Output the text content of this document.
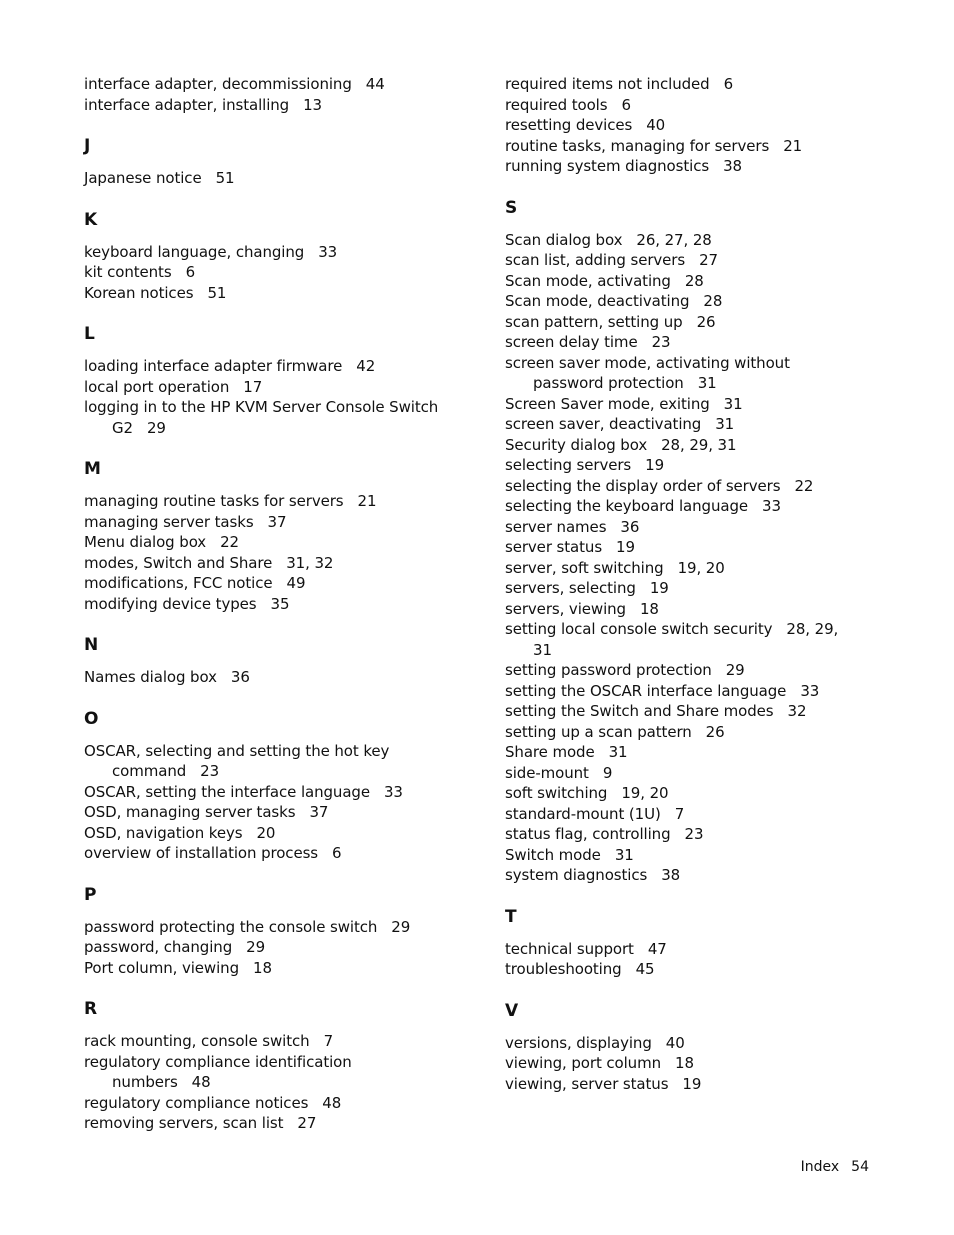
interface adapter, decommissioning 44
interface adapter, installing 13
J
Japanese notice 51
K
keyboard language, changing 33
kit contents 6
Korean notices 51
L
loading interface adapter firmware 42
local port operation 17
logging in to the HP KVM Server Console Switch G2 29
M
managing routine tasks for servers 21
managing server tasks 37
Menu dialog box 22
modes, Switch and Share 31, 32
modifications, FCC notice 49
modifying device types 35
N
Names dialog box 36
O
OSCAR, selecting and setting the hot key command 23
OSCAR, setting the interface language 33
OSD, managing server tasks 37
OSD, navigation keys 20
overview of installation process 6
P
password protecting the console switch 29
password, changing 29
Port column, viewing 18
R
rack mounting, console switch 7
regulatory compliance identification numbers 48
regulatory compliance notices 48
removing servers, scan list 27
required items not included 6
required tools 6
resetting devices 40
routine tasks, managing for servers 21
running system diagnostics 38
S
Scan dialog box 26, 27, 28
scan list, adding servers 27
Scan mode, activating 28
Scan mode, deactivating 28
scan pattern, setting up 26
screen delay time 23
screen saver mode, activating without password protection 31
Screen Saver mode, exiting 31
screen saver, deactivating 31
Security dialog box 28, 29, 31
selecting servers 19
selecting the display order of servers 22
selecting the keyboard language 33
server names 36
server status 19
server, soft switching 19, 20
servers, selecting 19
servers, viewing 18
setting local console switch security 28, 29, 31
setting password protection 29
setting the OSCAR interface language 33
setting the Switch and Share modes 32
setting up a scan pattern 26
Share mode 31
side-mount 9
soft switching 19, 20
standard-mount (1U) 7
status flag, controlling 23
Switch mode 31
system diagnostics 38
T
technical support 47
troubleshooting 45
V
versions, displaying 40
viewing, port column 18
viewing, server status 19
Index 54
